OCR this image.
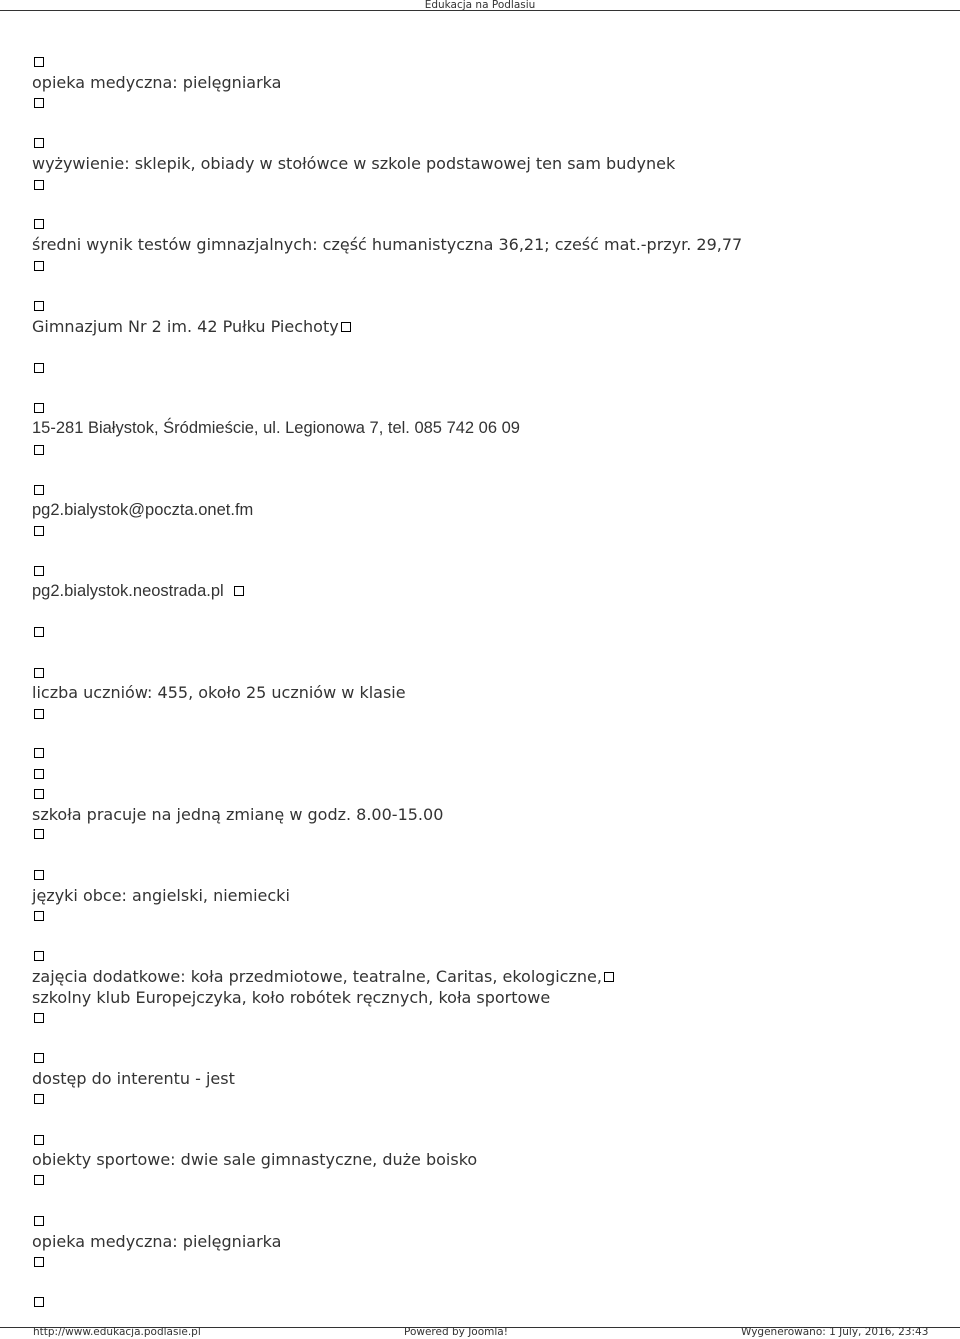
Edukacja na Podlasiu
opieka medyczna: pielęgniarka
wyżywienie: sklepik, obiady w stołówce w szkole podstawowej ten sam budynek
średni wynik testów gimnazjalnych: część humanistyczna 36,21; cześć mat.-przyr. 29,77
Gimnazjum Nr 2 im. 42 Pułku Piechoty
15-281 Białystok, Śródmieście, ul. Legionowa 7, tel. 085 742 06 09
pg2.bialystok@poczta.onet.fm
pg2.bialystok.neostrada.pl
liczba uczniów: 455, około 25 uczniów w klasie
szkoła pracuje na jedną zmianę w godz. 8.00-15.00
języki obce: angielski, niemiecki
zajęcia dodatkowe: koła przedmiotowe, teatralne, Caritas, ekologiczne,
szkolny klub Europejczyka, koło robótek ręcznych, koła sportowe
dostęp do interentu - jest
obiekty sportowe: dwie sale gimnastyczne, duże boisko
opieka medyczna: pielęgniarka
http://www.edukacja.podlasie.pl	Powered by Joomla!	Wygenerowano: 1 July, 2016, 23:43
